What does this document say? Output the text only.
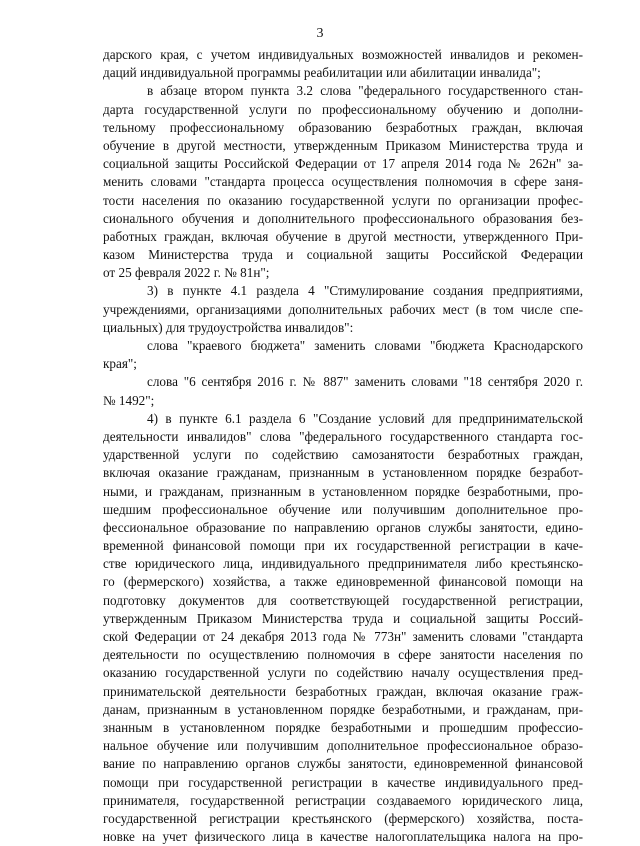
3
дарского края, с учетом индивидуальных возможностей инвалидов и рекомен-
даций индивидуальной программы реабилитации или абилитации инвалида";
в абзаце втором пункта 3.2 слова "федерального государственного стан-
дарта государственной услуги по профессиональному обучению и дополни-
тельному профессиональному образованию безработных граждан, включая
обучение в другой местности, утвержденным Приказом Министерства труда и
социальной защиты Российской Федерации от 17 апреля 2014 года № 262н" за-
менить словами "стандарта процесса осуществления полномочия в сфере заня-
тости населения по оказанию государственной услуги по организации профес-
сионального обучения и дополнительного профессионального образования без-
работных граждан, включая обучение в другой местности, утвержденного При-
казом Министерства труда и социальной защиты Российской Федерации
от 25 февраля 2022 г. № 81н";
3) в пункте 4.1 раздела 4 "Стимулирование создания предприятиями,
учреждениями, организациями дополнительных рабочих мест (в том числе спе-
циальных) для трудоустройства инвалидов":
слова "краевого бюджета" заменить словами "бюджета Краснодарского
края";
слова "6 сентября 2016 г. № 887" заменить словами "18 сентября 2020 г.
№ 1492";
4) в пункте 6.1 раздела 6 "Создание условий для предпринимательской
деятельности инвалидов" слова "федерального государственного стандарта гос-
ударственной услуги по содействию самозанятости безработных граждан,
включая оказание гражданам, признанным в установленном порядке безработ-
ными, и гражданам, признанным в установленном порядке безработными, про-
шедшим профессиональное обучение или получившим дополнительное про-
фессиональное образование по направлению органов службы занятости, едино-
временной финансовой помощи при их государственной регистрации в каче-
стве юридического лица, индивидуального предпринимателя либо крестьянско-
го (фермерского) хозяйства, а также единовременной финансовой помощи на
подготовку документов для соответствующей государственной регистрации,
утвержденным Приказом Министерства труда и социальной защиты Россий-
ской Федерации от 24 декабря 2013 года № 773н" заменить словами "стандарта
деятельности по осуществлению полномочия в сфере занятости населения по
оказанию государственной услуги по содействию началу осуществления пред-
принимательской деятельности безработных граждан, включая оказание граж-
данам, признанным в установленном порядке безработными, и гражданам, при-
знанным в установленном порядке безработными и прошедшим профессио-
нальное обучение или получившим дополнительное профессиональное образо-
вание по направлению органов службы занятости, единовременной финансовой
помощи при государственной регистрации в качестве индивидуального пред-
принимателя, государственной регистрации создаваемого юридического лица,
государственной регистрации крестьянского (фермерского) хозяйства, поста-
новке на учет физического лица в качестве налогоплательщика налога на про-
